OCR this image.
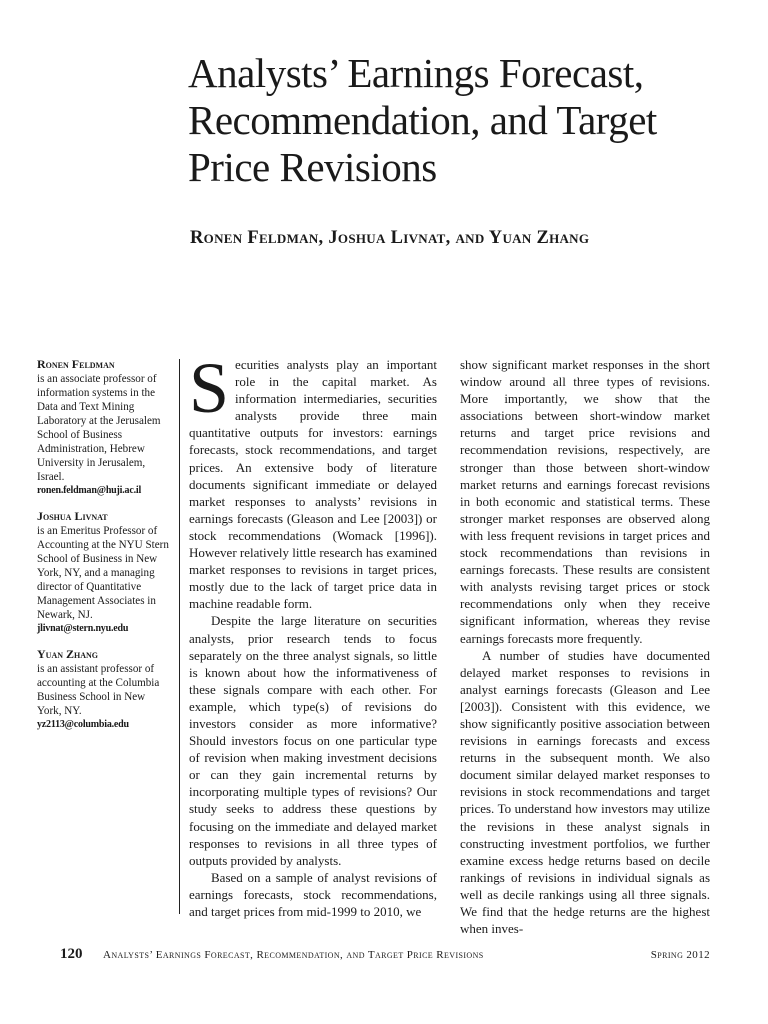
Analysts’ Earnings Forecast, Recommendation, and Target Price Revisions
Ronen Feldman, Joshua Livnat, and Yuan Zhang
Ronen Feldman
is an associate professor of information systems in the Data and Text Mining Laboratory at the Jerusalem School of Business Administration, Hebrew University in Jerusalem, Israel.
ronen.feldman@huji.ac.il
Joshua Livnat
is an Emeritus Professor of Accounting at the NYU Stern School of Business in New York, NY, and a managing director of Quantitative Management Associates in Newark, NJ.
jlivnat@stern.nyu.edu
Yuan Zhang
is an assistant professor of accounting at the Columbia Business School in New York, NY.
yz2113@columbia.edu

Securities analysts play an important role in the capital market. As information intermediaries, securities analysts provide three main quantitative outputs for investors: earnings forecasts, stock recommendations, and target prices. An extensive body of literature documents significant immediate or delayed market responses to analysts’ revisions in earnings forecasts (Gleason and Lee [2003]) or stock recommendations (Womack [1996]). However relatively little research has examined market responses to revisions in target prices, mostly due to the lack of target price data in machine readable form.

Despite the large literature on securities analysts, prior research tends to focus separately on the three analyst signals, so little is known about how the informativeness of these signals compare with each other. For example, which type(s) of revisions do investors consider as more informative? Should investors focus on one particular type of revision when making investment decisions or can they gain incremental returns by incorporating multiple types of revisions? Our study seeks to address these questions by focusing on the immediate and delayed market responses to revisions in all three types of outputs provided by analysts.

Based on a sample of analyst revisions of earnings forecasts, stock recommendations, and target prices from mid-1999 to 2010, we

show significant market responses in the short window around all three types of revisions. More importantly, we show that the associations between short-window market returns and target price revisions and recommendation revisions, respectively, are stronger than those between short-window market returns and earnings forecast revisions in both economic and statistical terms. These stronger market responses are observed along with less frequent revisions in target prices and stock recommendations than revisions in earnings forecasts. These results are consistent with analysts revising target prices or stock recommendations only when they receive significant information, whereas they revise earnings forecasts more frequently.

A number of studies have documented delayed market responses to revisions in analyst earnings forecasts (Gleason and Lee [2003]). Consistent with this evidence, we show significantly positive association between revisions in earnings forecasts and excess returns in the subsequent month. We also document similar delayed market responses to revisions in stock recommendations and target prices. To understand how investors may utilize the revisions in these analyst signals in constructing investment portfolios, we further examine excess hedge returns based on decile rankings of revisions in individual signals as well as decile rankings using all three signals. We find that the hedge returns are the highest when inves-

120 Analysts’ Earnings Forecast, Recommendation, and Target Price Revisions	Spring 2012
